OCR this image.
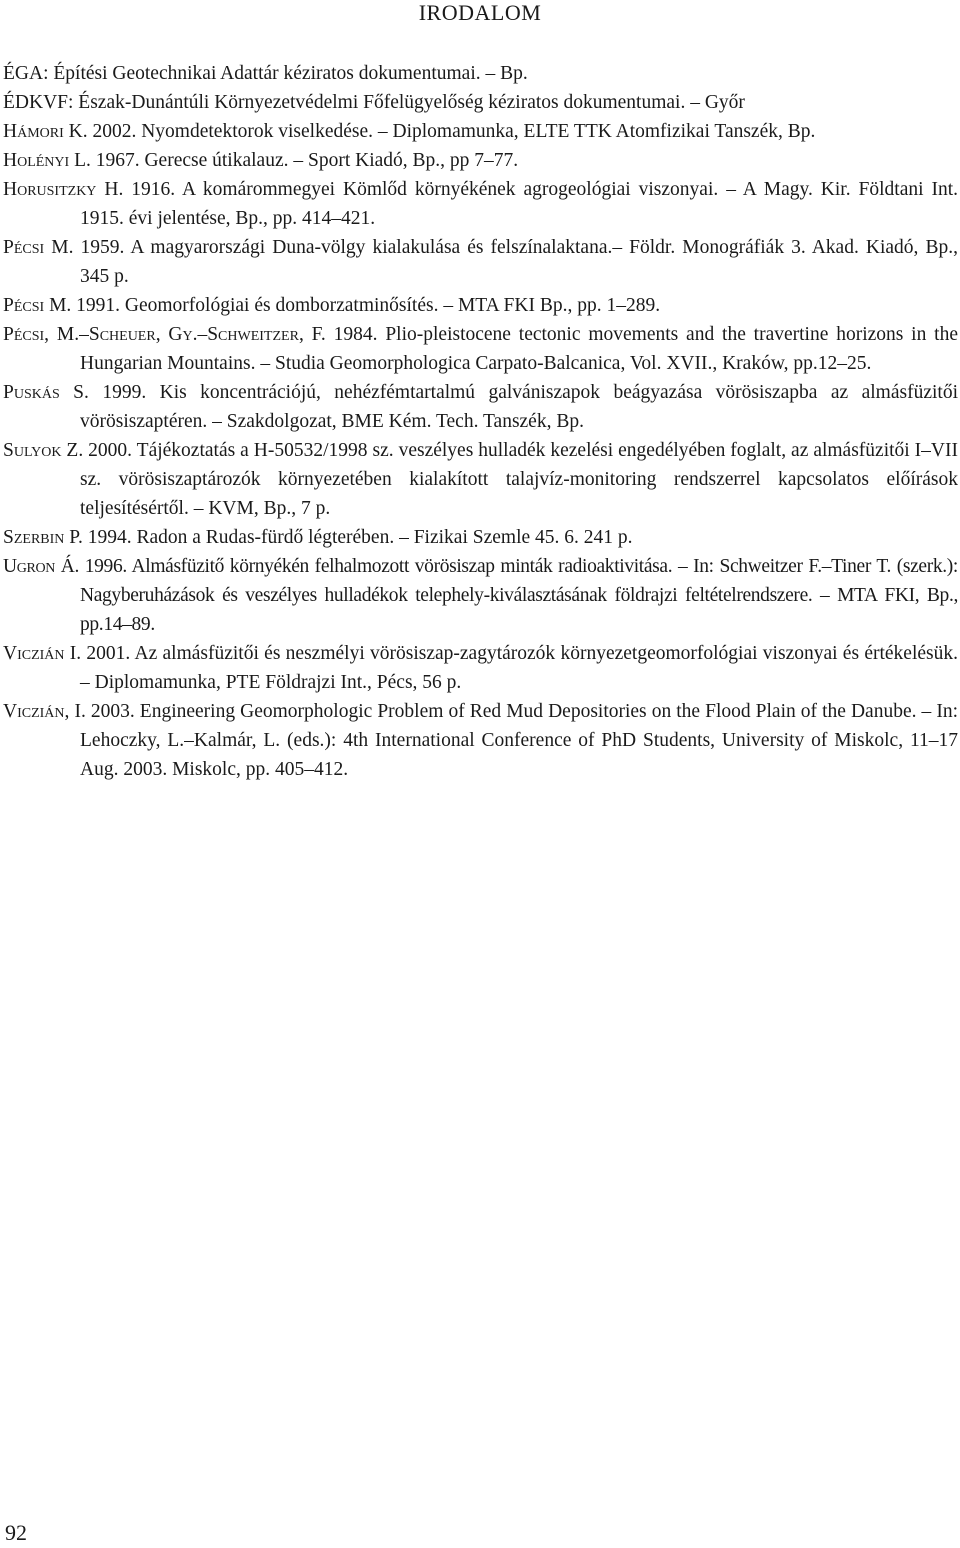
IRODALOM

ÉGA: Építési Geotechnikai Adattár kéziratos dokumentumai. – Bp.

ÉDKVF: Észak-Dunántúli Környezetvédelmi Főfelügyelőség kéziratos dokumentumai. – Győr

Hámori K. 2002. Nyomdetektorok viselkedése. – Diplomamunka, ELTE TTK Atomfizikai Tanszék, Bp.

Holényi L. 1967. Gerecse útikalauz. – Sport Kiadó, Bp., pp 7–77.

Horusitzky H. 1916. A komárommegyei Kömlőd környékének agrogeológiai viszonyai. – A Magy. Kir. Földtani Int. 1915. évi jelentése, Bp., pp. 414–421.

Pécsi M. 1959. A magyarországi Duna-völgy kialakulása és felszínalaktana.– Földr. Monográfiák 3. Akad. Kiadó, Bp., 345 p.

Pécsi M. 1991. Geomorfológiai és domborzatminősítés. – MTA FKI Bp., pp. 1–289.

Pécsi, M.–Scheuer, Gy.–Schweitzer, F. 1984. Plio-pleistocene tectonic movements and the travertine horizons in the Hungarian Mountains. – Studia Geomorphologica Carpato-Balcanica, Vol. XVII., Kraków, pp.12–25.

Puskás S. 1999. Kis koncentrációjú, nehézfémtartalmú galvániszapok beágyazása vörösiszapba az almásfüzitői vörösiszaptéren. – Szakdolgozat, BME Kém. Tech. Tanszék, Bp.

Sulyok Z. 2000. Tájékoztatás a H-50532/1998 sz. veszélyes hulladék kezelési engedélyében foglalt, az almásfüzitői I–VII sz. vörösiszaptározók környezetében kialakított talajvíz-monitoring rendszerrel kapcsolatos előírások teljesítésértől. – KVM, Bp., 7 p.

Szerbin P. 1994. Radon a Rudas-fürdő légterében. – Fizikai Szemle 45. 6. 241 p.

Ugron Á. 1996. Almásfüzitő környékén felhalmozott vörösiszap minták radioaktivitása. – In: Schweitzer F.–Tiner T. (szerk.): Nagyberuházások és veszélyes hulladékok telephely-kiválasztásának földrajzi feltételrendszere. – MTA FKI, Bp., pp.14–89.

Viczián I. 2001. Az almásfüzitői és neszmélyi vörösiszap-zagytározók környezetgeomorfológiai viszonyai és értékelésük. – Diplomamunka, PTE Földrajzi Int., Pécs, 56 p.

Viczián, I. 2003. Engineering Geomorphologic Problem of Red Mud Depositories on the Flood Plain of the Danube. – In: Lehoczky, L.–Kalmár, L. (eds.): 4th International Conference of PhD Students, University of Miskolc, 11–17 Aug. 2003. Miskolc, pp. 405–412.

92
